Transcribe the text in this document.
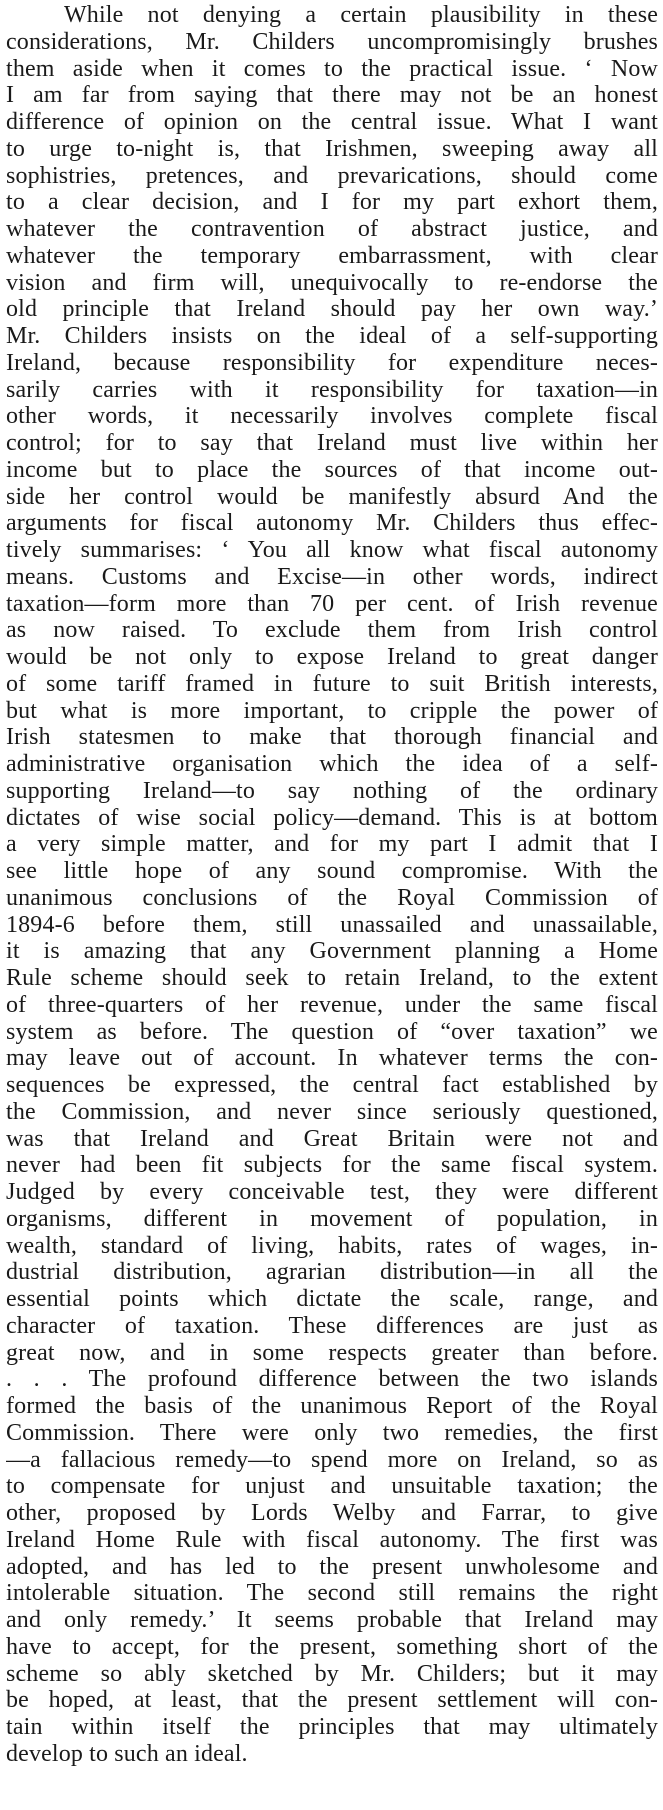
While not denying a certain plausibility in these
considerations, Mr. Childers uncompromisingly brushes
them aside when it comes to the practical issue. ‘ Now
I am far from saying that there may not be an honest
difference of opinion on the central issue. What I want
to urge to-night is, that Irishmen, sweeping away all
sophistries, pretences, and prevarications, should come
to a clear decision, and I for my part exhort them,
whatever the contravention of abstract justice, and
whatever the temporary embarrassment, with clear
vision and firm will, unequivocally to re-endorse the
old principle that Ireland should pay her own way.’
Mr. Childers insists on the ideal of a self-supporting
Ireland, because responsibility for expenditure neces-
sarily carries with it responsibility for taxation—in
other words, it necessarily involves complete fiscal
control; for to say that Ireland must live within her
income but to place the sources of that income out-
side her control would be manifestly absurd And the
arguments for fiscal autonomy Mr. Childers thus effec-
tively summarises: ‘ You all know what fiscal autonomy
means. Customs and Excise—in other words, indirect
taxation—form more than 70 per cent. of Irish revenue
as now raised. To exclude them from Irish control
would be not only to expose Ireland to great danger
of some tariff framed in future to suit British interests,
but what is more important, to cripple the power of
Irish statesmen to make that thorough financial and
administrative organisation which the idea of a self-
supporting Ireland—to say nothing of the ordinary
dictates of wise social policy—demand. This is at bottom
a very simple matter, and for my part I admit that I
see little hope of any sound compromise. With the
unanimous conclusions of the Royal Commission of
1894-6 before them, still unassailed and unassailable,
it is amazing that any Government planning a Home
Rule scheme should seek to retain Ireland, to the extent
of three-quarters of her revenue, under the same fiscal
system as before. The question of “over taxation” we
may leave out of account. In whatever terms the con-
sequences be expressed, the central fact established by
the Commission, and never since seriously questioned,
was that Ireland and Great Britain were not and
never had been fit subjects for the same fiscal system.
Judged by every conceivable test, they were different
organisms, different in movement of population, in
wealth, standard of living, habits, rates of wages, in-
dustrial distribution, agrarian distribution—in all the
essential points which dictate the scale, range, and
character of taxation. These differences are just as
great now, and in some respects greater than before.
. . . The profound difference between the two islands
formed the basis of the unanimous Report of the Royal
Commission. There were only two remedies, the first
—a fallacious remedy—to spend more on Ireland, so as
to compensate for unjust and unsuitable taxation; the
other, proposed by Lords Welby and Farrar, to give
Ireland Home Rule with fiscal autonomy. The first was
adopted, and has led to the present unwholesome and
intolerable situation. The second still remains the right
and only remedy.’ It seems probable that Ireland may
have to accept, for the present, something short of the
scheme so ably sketched by Mr. Childers; but it may
be hoped, at least, that the present settlement will con-
tain within itself the principles that may ultimately
develop to such an ideal.
